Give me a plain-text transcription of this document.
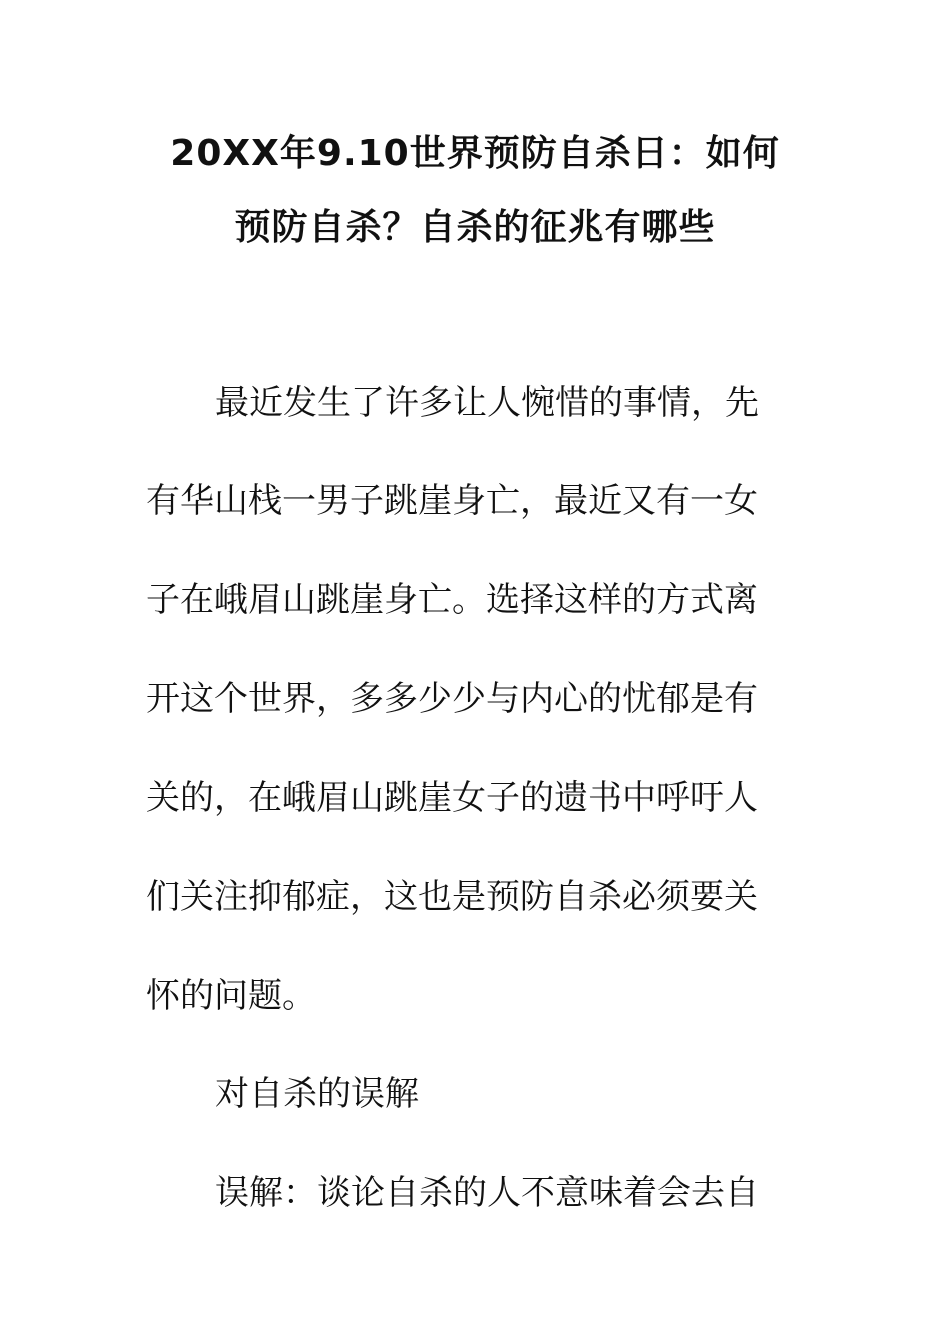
20XX年9.10世界预防自杀日：如何
预防自杀？自杀的征兆有哪些

最近发生了许多让人惋惜的事情，先

有华山栈一男子跳崖身亡，最近又有一女

子在峨眉山跳崖身亡。选择这样的方式离

开这个世界，多多少少与内心的忧郁是有

关的，在峨眉山跳崖女子的遗书中呼吁人

们关注抑郁症，这也是预防自杀必须要关

怀的问题。

对自杀的误解

误解：谈论自杀的人不意味着会去自
